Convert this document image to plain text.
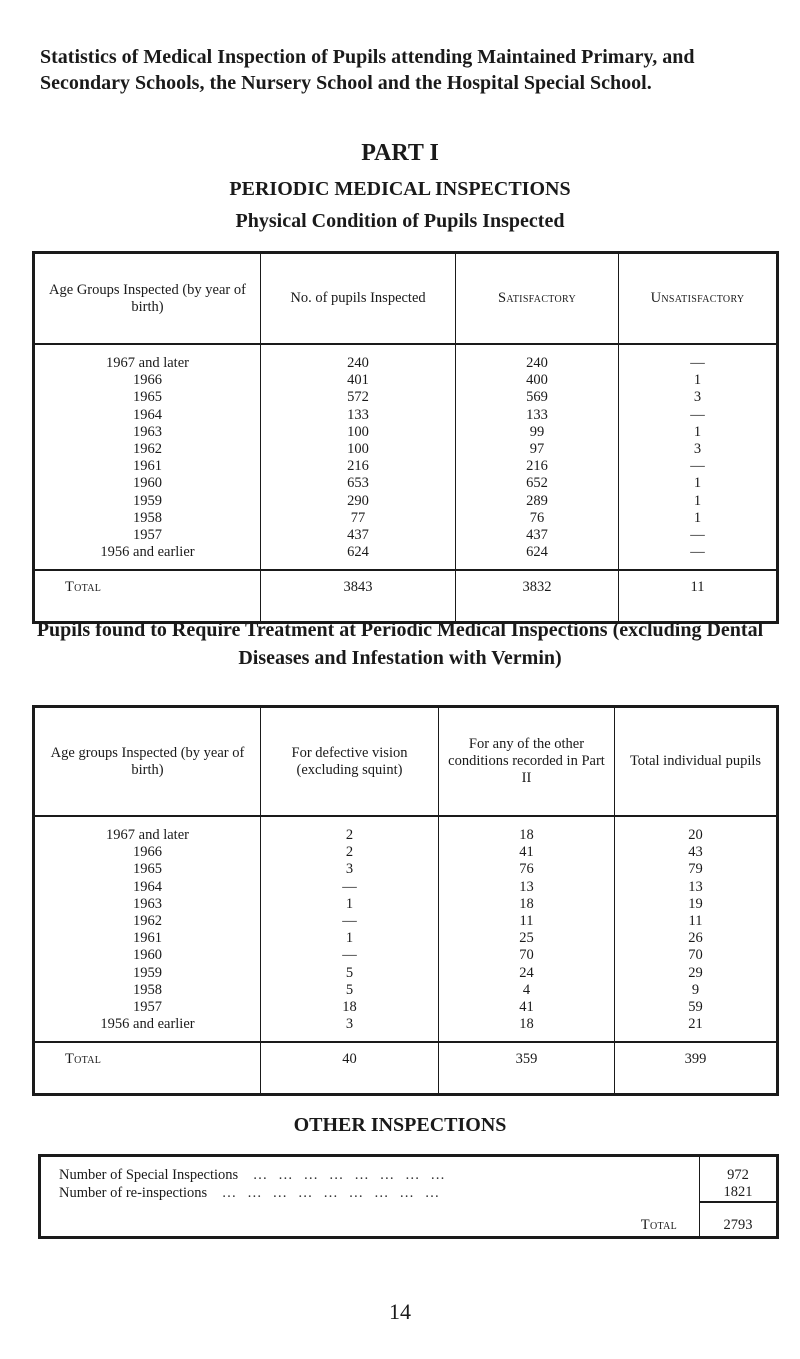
Statistics of Medical Inspection of Pupils attending Maintained Primary, and Secondary Schools, the Nursery School and the Hospital Special School.
PART I
PERIODIC MEDICAL INSPECTIONS
Physical Condition of Pupils Inspected
Age Groups Inspected (by year of birth)	No. of pupils Inspected	Satisfactory	Unsatisfactory
1967 and later	240	240	—
1966	401	400	1
1965	572	569	3
1964	133	133	—
1963	100	99	1
1962	100	97	3
1961	216	216	—
1960	653	652	1
1959	290	289	1
1958	77	76	1
1957	437	437	—
1956 and earlier	624	624	—
Total	3843	3832	11
Pupils found to Require Treatment at Periodic Medical Inspections (excluding Dental Diseases and Infestation with Vermin)
Age groups Inspected (by year of birth)	For defective vision (excluding squint)	For any of the other conditions recorded in Part II	Total individual pupils
1967 and later	2	18	20
1966	2	41	43
1965	3	76	79
1964	—	13	13
1963	1	18	19
1962	—	11	11
1961	1	25	26
1960	—	70	70
1959	5	24	29
1958	5	4	9
1957	18	41	59
1956 and earlier	3	18	21
Total	40	359	399
OTHER INSPECTIONS
Number of Special Inspections    …   …   …   …   …   …   …   …	972
Number of re-inspections    …   …   …   …   …   …   …   …   …	1821
Total	2793
14
